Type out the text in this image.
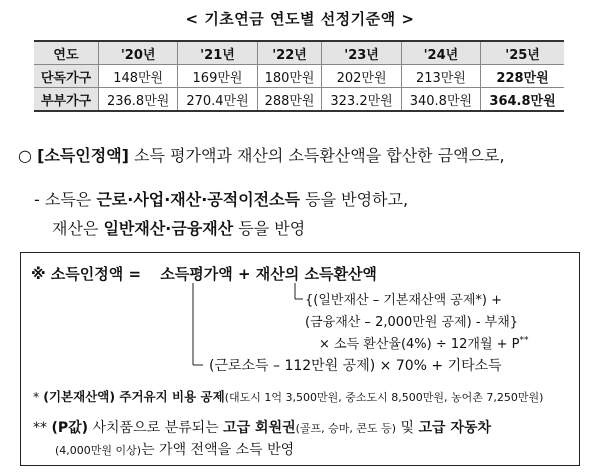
< 기초연금 연도별 선정기준액 >
연도	'20년	'21년	'22년	'23년	'24년	'25년
단독가구	148만원	169만원	180만원	202만원	213만원	228만원
부부가구	236.8만원	270.4만원	288만원	323.2만원	340.8만원	364.8만원
○ [소득인정액] 소득 평가액과 재산의 소득환산액을 합산한 금액으로,
- 소득은 근로·사업·재산·공적이전소득 등을 반영하고,
재산은 일반재산·금융재산 등을 반영
※ 소득인정액 = 소득평가액 + 재산의 소득환산액
{(일반재산 – 기본재산액 공제*) +
(금융재산 – 2,000만원 공제) - 부채}
× 소득 환산율(4%) ÷ 12개월 + P**
(근로소득 – 112만원 공제) × 70% + 기타소득
* (기본재산액) 주거유지 비용 공제(대도시 1억 3,500만원, 중소도시 8,500만원, 농어촌 7,250만원)
** (P값) 사치품으로 분류되는 고급 회원권(골프, 승마, 콘도 등) 및 고급 자동차
(4,000만원 이상)는 가액 전액을 소득 반영
